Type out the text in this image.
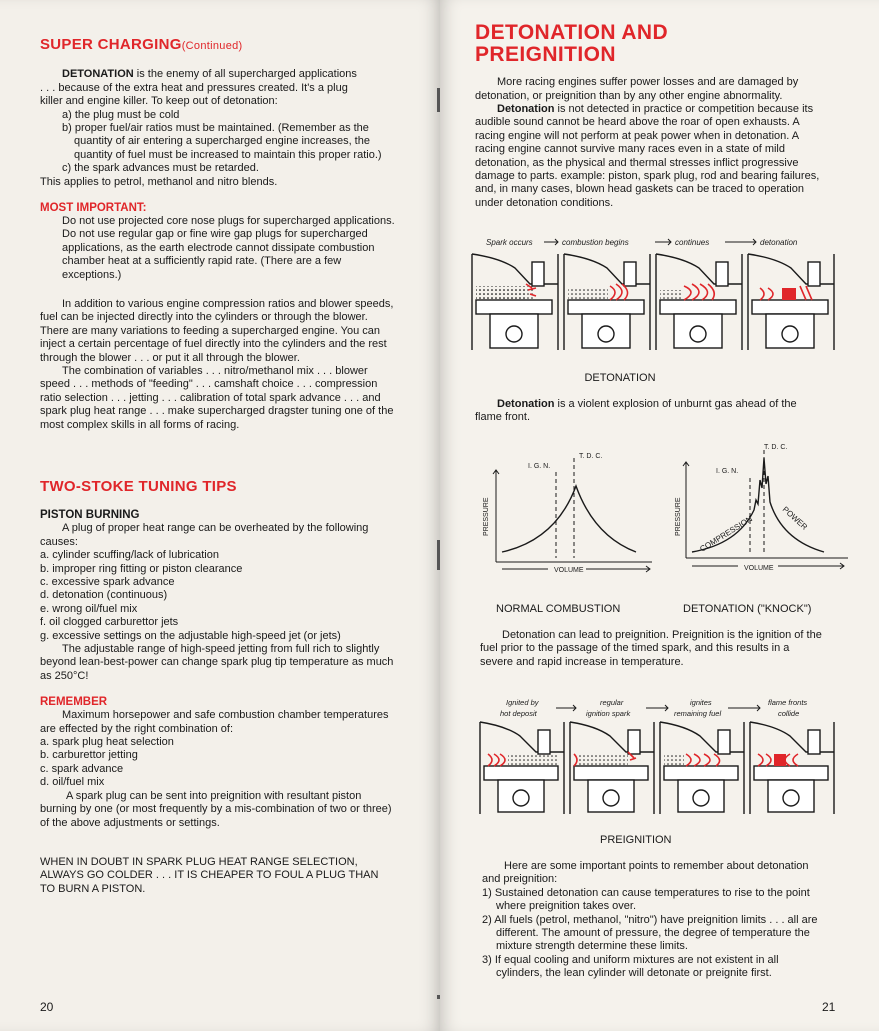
SUPER CHARGING(Continued)
DETONATION is the enemy of all supercharged applications
. . . because of the extra heat and pressures created. It's a plug
killer and engine killer. To keep out of detonation:
a) the plug must be cold
b) proper fuel/air ratios must be maintained. (Remember as the quantity of air entering a supercharged engine increases, the quantity of fuel must be increased to maintain this proper ratio.)
c) the spark advances must be retarded.
This applies to petrol, methanol and nitro blends.
MOST IMPORTANT:
Do not use projected core nose plugs for supercharged applications.
Do not use regular gap or fine wire gap plugs for supercharged applications, as the earth electrode cannot dissipate combustion chamber heat at a sufficiently rapid rate. (There are a few exceptions.)
In addition to various engine compression ratios and blower speeds, fuel can be injected directly into the cylinders or through the blower. There are many variations to feeding a supercharged engine. You can inject a certain percentage of fuel directly into the cylinders and the rest through the blower . . . or put it all through the blower.
The combination of variables . . . nitro/methanol mix . . . blower speed . . . methods of "feeding" . . . camshaft choice . . . compression ratio selection . . . jetting . . . calibration of total spark advance . . . and spark plug heat range . . . make supercharged dragster tuning one of the most complex skills in all forms of racing.
TWO-STOKE TUNING TIPS
PISTON BURNING
A plug of proper heat range can be overheated by the following causes:
a. cylinder scuffing/lack of lubrication
b. improper ring fitting or piston clearance
c. excessive spark advance
d. detonation (continuous)
e. wrong oil/fuel mix
f. oil clogged carburettor jets
g. excessive settings on the adjustable high-speed jet (or jets)
The adjustable range of high-speed jetting from full rich to slightly beyond lean-best-power can change spark plug tip temperature as much as 250°C!
REMEMBER
Maximum horsepower and safe combustion chamber temperatures are effected by the right combination of:
a. spark plug heat selection
b. carburettor jetting
c. spark advance
d. oil/fuel mix
A spark plug can be sent into preignition with resultant piston burning by one (or most frequently by a mis-combination of two or three) of the above adjustments or settings.
WHEN IN DOUBT IN SPARK PLUG HEAT RANGE SELECTION, ALWAYS GO COLDER . . . IT IS CHEAPER TO FOUL A PLUG THAN TO BURN A PISTON.
20	21
DETONATION AND
PREIGNITION
More racing engines suffer power losses and are damaged by detonation, or preignition than by any other engine abnormality.
Detonation is not detected in practice or competition because its audible sound cannot be heard above the roar of open exhausts. A racing engine will not perform at peak power when in detonation. A racing engine cannot survive many races even in a state of mild detonation, as the physical and thermal stresses inflict progressive damage to parts. example: piston, spark plug, rod and bearing failures, and, in many cases, blown head gaskets can be traced to operation under detonation conditions.
Spark occurs	combustion begins	continues	detonation
DETONATION
Detonation is a violent explosion of unburnt gas ahead of the flame front.
I. G. N.
T. D. C.
VOLUME
PRESSURE
I. G. N.
T. D. C.
VOLUME
PRESSURE COMPRESSION	POWER
NORMAL COMBUSTION	DETONATION ("KNOCK")
Detonation can lead to preignition. Preignition is the ignition of the fuel prior to the passage of the timed spark, and this results in a severe and rapid increase in temperature.
Ignited by
hot deposit
regular
ignition spark
ignites
remaining fuel
flame fronts
collide
PREIGNITION
Here are some important points to remember about detonation and preignition:
1) Sustained detonation can cause temperatures to rise to the point where preignition takes over.
2) All fuels (petrol, methanol, "nitro") have preignition limits . . . all are different. The amount of pressure, the degree of temperature the mixture strength determine these limits.
3) If equal cooling and uniform mixtures are not existent in all cylinders, the lean cylinder will detonate or preignite first.
